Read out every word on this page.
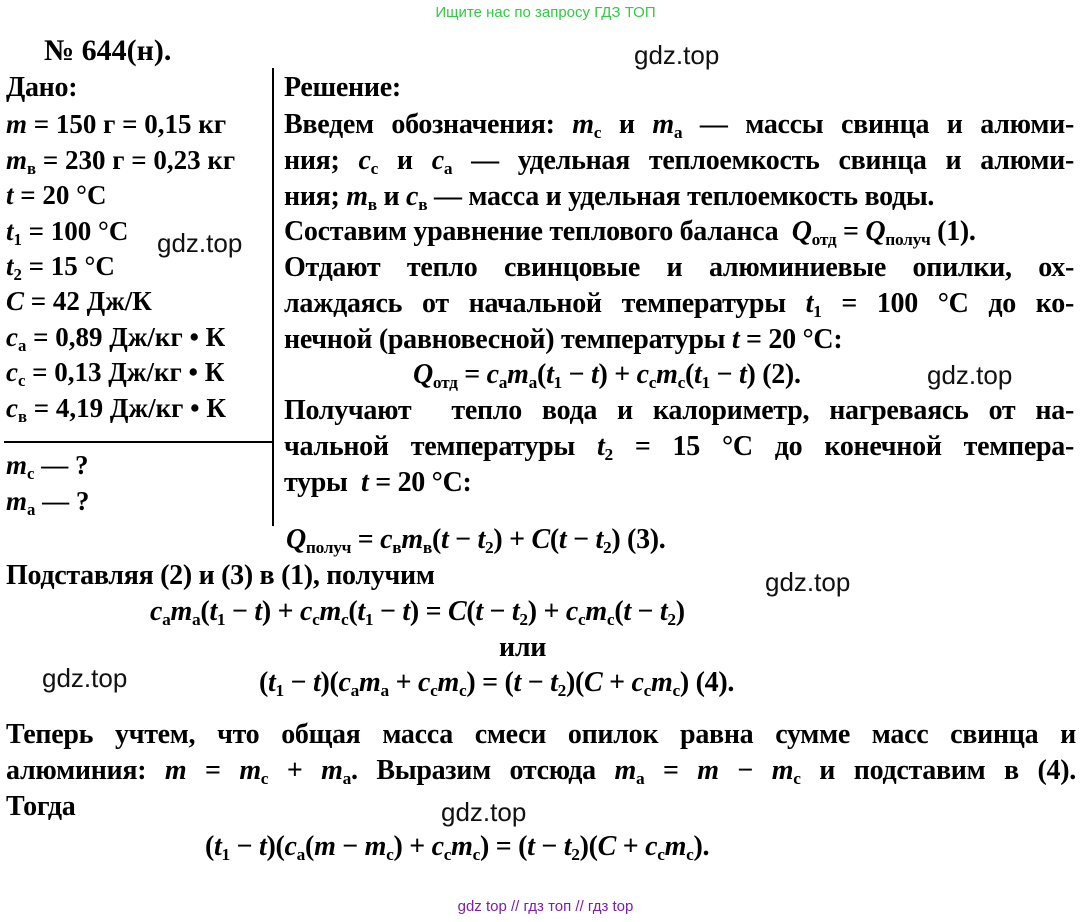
Ищите нас по запросу ГДЗ ТОП
gdz top // гдз топ // гдз top
gdz.top
gdz.top
gdz.top
gdz.top
gdz.top
gdz.top
№ 644(н).
Дано:
m = 150 г = 0,15 кг
$m_в = 230$ г = 0,23 кг
t = 20 °C
$t_1 = 100$ °C
$t_2 = 15$ °C
C = 42 Дж/К
$c_а = 0,89$ Дж/кг • К
$c_с = 0,13$ Дж/кг • К
$c_в = 4,19$ Дж/кг • К
$m_с$ — ?
$m_а$ — ?
Решение:
Введем обозначения: $m_с$ и $m_а$ — массы свинца и алюми-
ния; $c_с$ и $c_а$ — удельная теплоемкость свинца и алюми-
ния; $m_в$ и $c_в$ — масса и удельная теплоемкость воды.
Составим уравнение теплового баланса  $Q_{отд} = Q_{получ}$ (1).
Отдают тепло свинцовые и алюминиевые опилки, ох-
лаждаясь от начальной температуры $t_1 = 100$ °С до ко-
нечной (равновесной) температуры t = 20 °С:
$Q_{отд} = c_аm_а(t_1 - t) + c_сm_с(t_1 - t)$ (2).
Получают  тепло вода и калориметр, нагреваясь от на-
чальной температуры $t_2 = 15$ °С до конечной темпера-
туры  t = 20 °С:
$Q_{получ} = c_вm_в(t - t_2) + C(t - t_2)$ (3).
Подставляя (2) и (3) в (1), получим
$c_аm_а(t_1 - t) + c_сm_с(t_1 - t) = C(t - t_2) + c_сm_с(t - t_2)$
или
$(t_1 - t)(c_аm_а + c_сm_с) = (t - t_2)(C + c_сm_с)$ (4).
Теперь учтем, что общая масса смеси опилок равна сумме масс свинца и
алюминия: $m = m_с + m_а$. Выразим отсюда $m_а = m - m_с$ и подставим в (4).
Тогда
$(t_1 - t)(c_а(m - m_с) + c_сm_с) = (t - t_2)(C + c_сm_с)$.
